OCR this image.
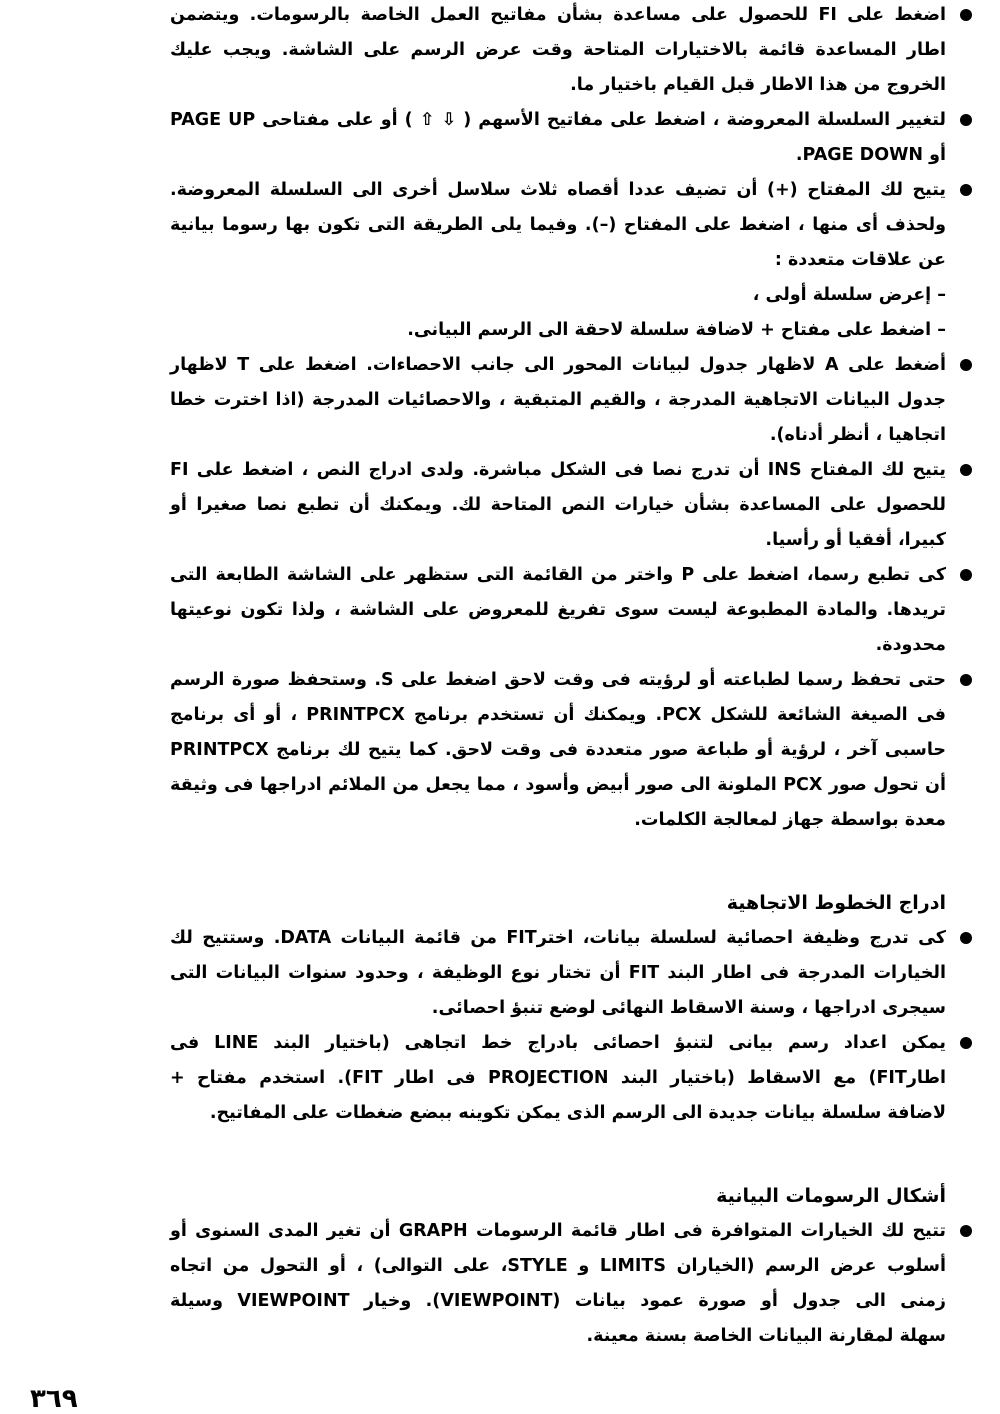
اضغط على FI للحصول على مساعدة بشأن مفاتيح العمل الخاصة بالرسومات. ويتضمن
اطار المساعدة قائمة بالاختيارات المتاحة وقت عرض الرسم على الشاشة. ويجب عليك
الخروج من هذا الاطار قبل القيام باختيار ما.
لتغيير السلسلة المعروضة ، اضغط على مفاتيح الأسهم ( ⇩ ⇧ ) أو على مفتاحى PAGE UP
أو PAGE DOWN.
يتيح لك المفتاح (+) أن تضيف عددا أقصاه ثلاث سلاسل أخرى الى السلسلة المعروضة.
ولحذف أى منها ، اضغط على المفتاح (–). وفيما يلى الطريقة التى تكون بها رسوما بيانية
عن علاقات متعددة :
– إعرض سلسلة أولى ،
– اضغط على مفتاح + لاضافة سلسلة لاحقة الى الرسم البيانى.
أضغط على A لاظهار جدول لبيانات المحور الى جانب الاحصاءات. اضغط على T لاظهار
جدول البيانات الاتجاهية المدرجة ، والقيم المتبقية ، والاحصائيات المدرجة (اذا اخترت خطا
اتجاهيا ، أنظر أدناه).
يتيح لك المفتاح INS أن تدرج نصا فى الشكل مباشرة. ولدى ادراج النص ، اضغط على FI
للحصول على المساعدة بشأن خيارات النص المتاحة لك. ويمكنك أن تطبع نصا صغيرا أو
كبيرا، أفقيا أو رأسيا.
كى تطبع رسما، اضغط على P واختر من القائمة التى ستظهر على الشاشة الطابعة التى
تريدها. والمادة المطبوعة ليست سوى تفريغ للمعروض على الشاشة ، ولذا تكون نوعيتها
محدودة.
حتى تحفظ رسما لطباعته أو لرؤيته فى وقت لاحق اضغط على S. وستحفظ صورة الرسم
فى الصيغة الشائعة للشكل PCX. ويمكنك أن تستخدم برنامج PRINTPCX ، أو أى برنامج
حاسبى آخر ، لرؤية أو طباعة صور متعددة فى وقت لاحق. كما يتيح لك برنامج PRINTPCX
أن تحول صور PCX الملونة الى صور أبيض وأسود ، مما يجعل من الملائم ادراجها فى وثيقة
معدة بواسطة جهاز لمعالجة الكلمات.
ادراج الخطوط الاتجاهية
كى تدرج وظيفة احصائية لسلسلة بيانات، اخترFIT من قائمة البيانات DATA. وستتيح لك
الخيارات المدرجة فى اطار البند FIT أن تختار نوع الوظيفة ، وحدود سنوات البيانات التى
سيجرى ادراجها ، وسنة الاسقاط النهائى لوضع تنبؤ احصائى.
يمكن اعداد رسم بيانى لتنبؤ احصائى بادراج خط اتجاهى (باختيار البند LINE فى
اطارFIT) مع الاسقاط (باختيار البند PROJECTION فى اطار FIT). استخدم مفتاح +
لاضافة سلسلة بيانات جديدة الى الرسم الذى يمكن تكوينه ببضع ضغطات على المفاتيح.
أشكال الرسومات البيانية
تتيح لك الخيارات المتوافرة فى اطار قائمة الرسومات GRAPH أن تغير المدى السنوى أو
أسلوب عرض الرسم (الخياران LIMITS و STYLE، على التوالى) ، أو التحول من اتجاه
زمنى الى جدول أو صورة عمود بيانات (VIEWPOINT). وخيار VIEWPOINT وسيلة
سهلة لمقارنة البيانات الخاصة بسنة معينة.
٣٦٩
